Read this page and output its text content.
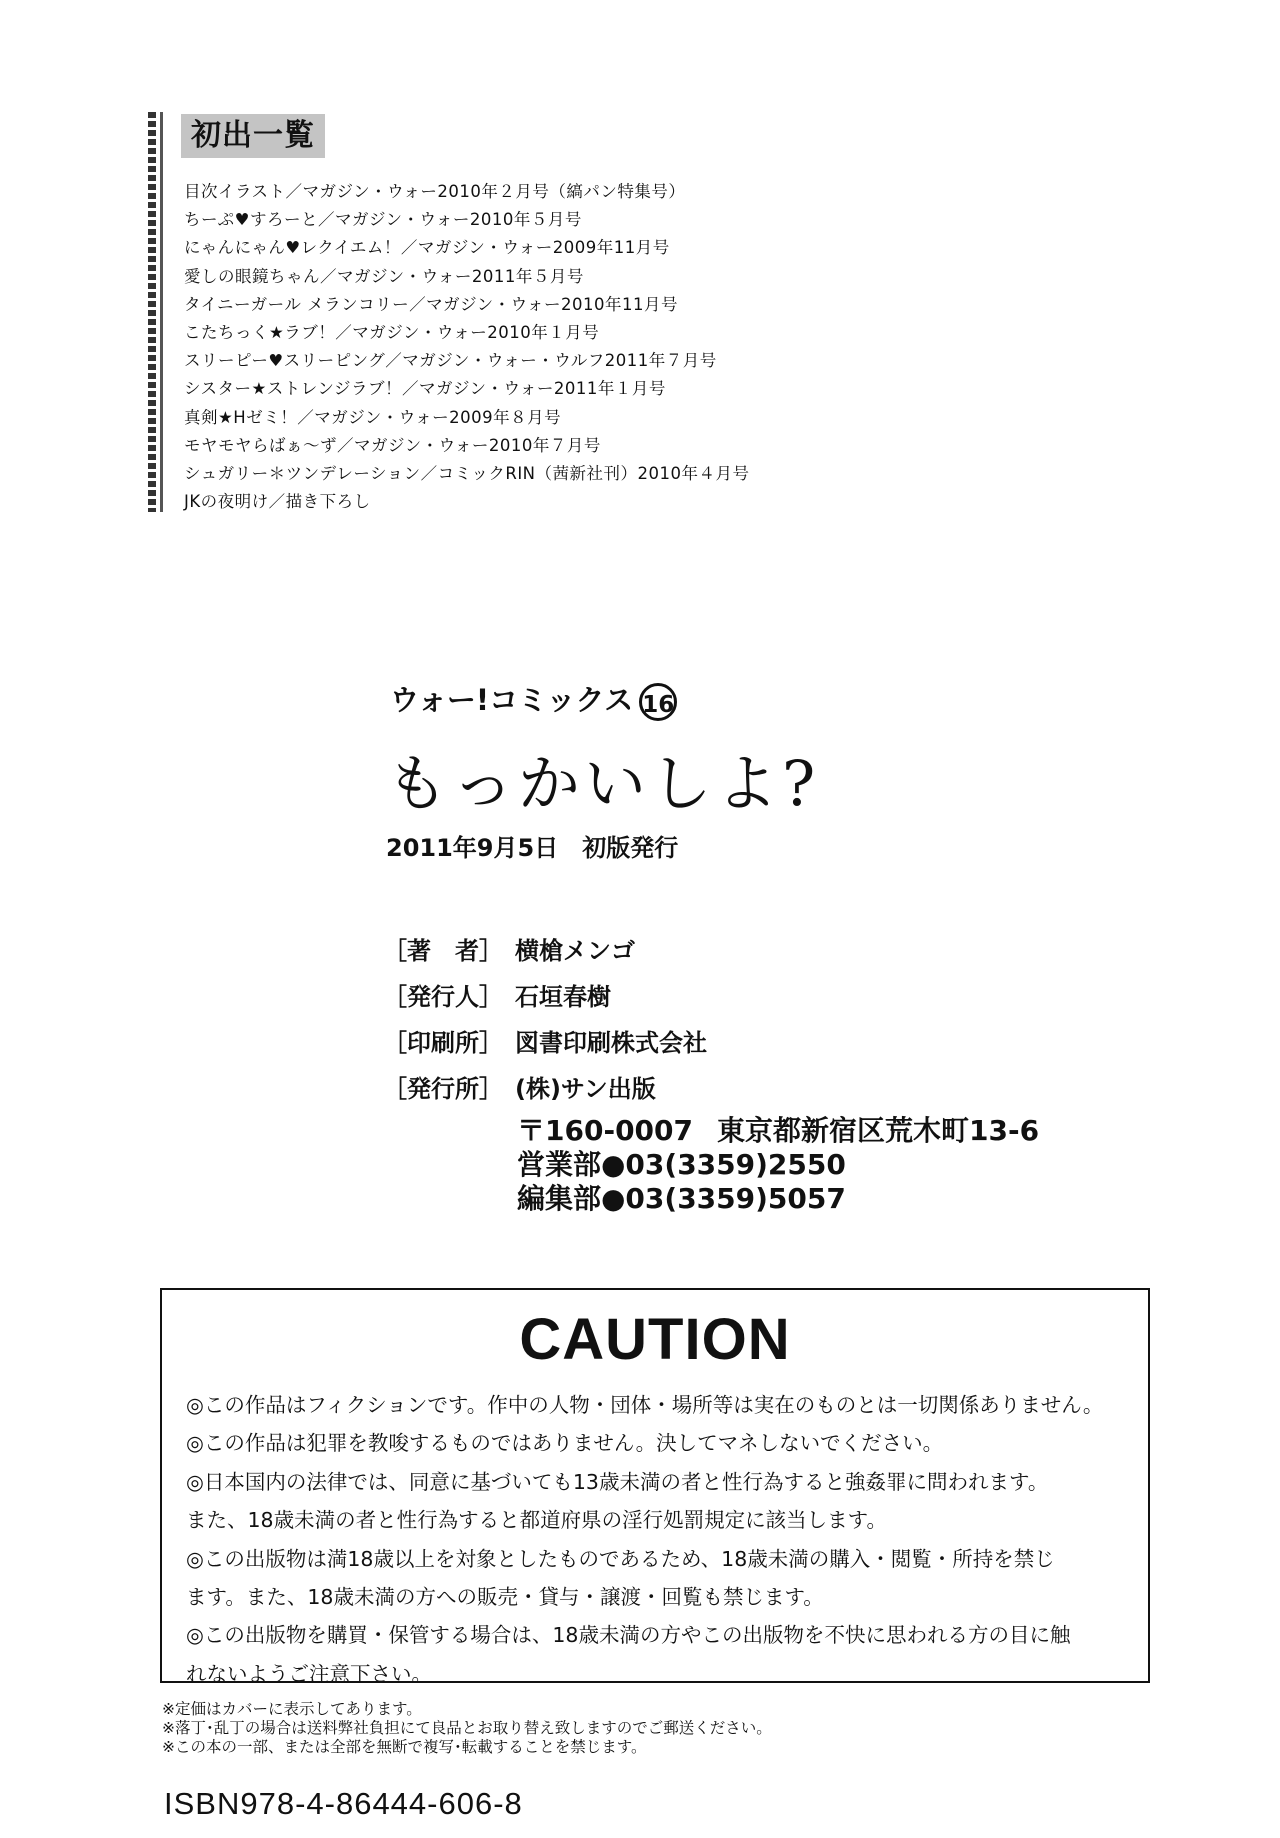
初出一覧
目次イラスト／マガジン・ウォー2010年２月号（縞パン特集号）
ちーぷ♥すろーと／マガジン・ウォー2010年５月号
にゃんにゃん♥レクイエム！／マガジン・ウォー2009年11月号
愛しの眼鏡ちゃん／マガジン・ウォー2011年５月号
タイニーガール メランコリー／マガジン・ウォー2010年11月号
こたちっく★ラブ！／マガジン・ウォー2010年１月号
スリーピー♥スリーピング／マガジン・ウォー・ウルフ2011年７月号
シスター★ストレンジラブ！／マガジン・ウォー2011年１月号
真剣★Hゼミ！／マガジン・ウォー2009年８月号
モヤモヤらばぁ～ず／マガジン・ウォー2010年７月号
シュガリー＊ツンデレーション／コミックRIN（茜新社刊）2010年４月号
JKの夜明け／描き下ろし
ウォー!コミックス 16
もっかいしよ?
2011年9月5日　初版発行
［著　者］ 横槍メンゴ
［発行人］ 石垣春樹
［印刷所］ 図書印刷株式会社
［発行所］ (株)サン出版
〒160-0007 東京都新宿区荒木町13-6
営業部●03(3359)2550
編集部●03(3359)5057
CAUTION
◎この作品はフィクションです。作中の人物・団体・場所等は実在のものとは一切関係ありません。
◎この作品は犯罪を教唆するものではありません。決してマネしないでください。
◎日本国内の法律では、同意に基づいても13歳未満の者と性行為すると強姦罪に問われます。
また、18歳未満の者と性行為すると都道府県の淫行処罰規定に該当します。
◎この出版物は満18歳以上を対象としたものであるため、18歳未満の購入・閲覧・所持を禁じ
ます。また、18歳未満の方への販売・貸与・譲渡・回覧も禁じます。
◎この出版物を購買・保管する場合は、18歳未満の方やこの出版物を不快に思われる方の目に触
れないようご注意下さい。
※定価はカバーに表示してあります。
※落丁･乱丁の場合は送料弊社負担にて良品とお取り替え致しますのでご郵送ください。
※この本の一部、または全部を無断で複写･転載することを禁じます。
ISBN978-4-86444-606-8
